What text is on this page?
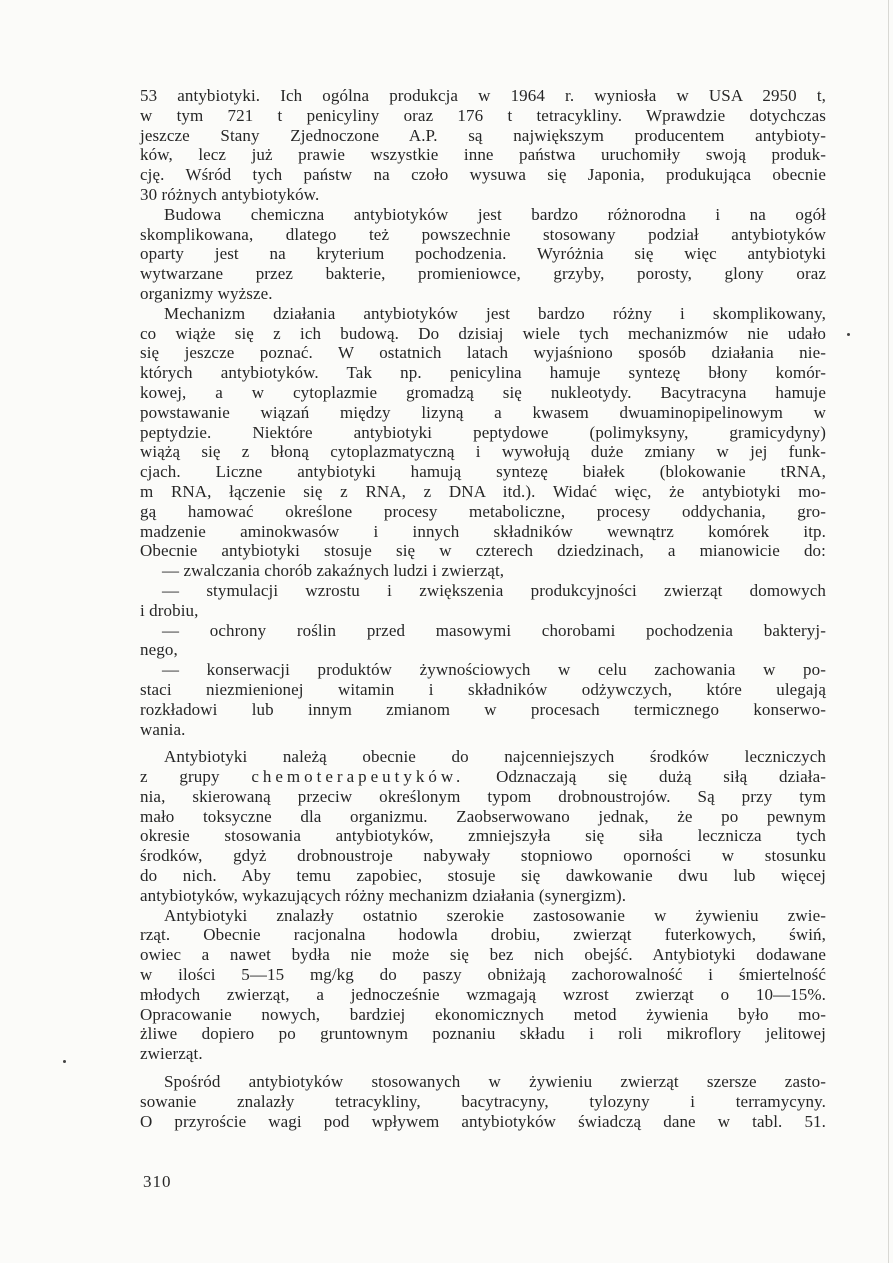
53 antybiotyki. Ich ogólna produkcja w 1964 r. wyniosła w USA 2950 t,
w tym 721 t penicyliny oraz 176 t tetracykliny. Wprawdzie dotychczas
jeszcze Stany Zjednoczone A.P. są największym producentem antybioty-
ków, lecz już prawie wszystkie inne państwa uruchomiły swoją produk-
cję. Wśród tych państw na czoło wysuwa się Japonia, produkująca obecnie
30 różnych antybiotyków.
Budowa chemiczna antybiotyków jest bardzo różnorodna i na ogół
skomplikowana, dlatego też powszechnie stosowany podział antybiotyków
oparty jest na kryterium pochodzenia. Wyróżnia się więc antybiotyki
wytwarzane przez bakterie, promieniowce, grzyby, porosty, glony oraz
organizmy wyższe.
Mechanizm działania antybiotyków jest bardzo różny i skomplikowany,
co wiąże się z ich budową. Do dzisiaj wiele tych mechanizmów nie udało
się jeszcze poznać. W ostatnich latach wyjaśniono sposób działania nie-
których antybiotyków. Tak np. penicylina hamuje syntezę błony komór-
kowej, a w cytoplazmie gromadzą się nukleotydy. Bacytracyna hamuje
powstawanie wiązań między lizyną a kwasem dwuaminopipelinowym w
peptydzie. Niektóre antybiotyki peptydowe (polimyksyny, gramicydyny)
wiążą się z błoną cytoplazmatyczną i wywołują duże zmiany w jej funk-
cjach. Liczne antybiotyki hamują syntezę białek (blokowanie tRNA,
m RNA, łączenie się z RNA, z DNA itd.). Widać więc, że antybiotyki mo-
gą hamować określone procesy metaboliczne, procesy oddychania, gro-
madzenie aminokwasów i innych składników wewnątrz komórek itp.
Obecnie antybiotyki stosuje się w czterech dziedzinach, a mianowicie do:
— zwalczania chorób zakaźnych ludzi i zwierząt,
— stymulacji wzrostu i zwiększenia produkcyjności zwierząt domowych
i drobiu,
— ochrony roślin przed masowymi chorobami pochodzenia bakteryj-
nego,
— konserwacji produktów żywnościowych w celu zachowania w po-
staci niezmienionej witamin i składników odżywczych, które ulegają
rozkładowi lub innym zmianom w procesach termicznego konserwo-
wania.
Antybiotyki należą obecnie do najcenniejszych środków leczniczych
z grupy chemoterapeutyków. Odznaczają się dużą siłą działa-
nia, skierowaną przeciw określonym typom drobnoustrojów. Są przy tym
mało toksyczne dla organizmu. Zaobserwowano jednak, że po pewnym
okresie stosowania antybiotyków, zmniejszyła się siła lecznicza tych
środków, gdyż drobnoustroje nabywały stopniowo oporności w stosunku
do nich. Aby temu zapobiec, stosuje się dawkowanie dwu lub więcej
antybiotyków, wykazujących różny mechanizm działania (synergizm).
Antybiotyki znalazły ostatnio szerokie zastosowanie w żywieniu zwie-
rząt. Obecnie racjonalna hodowla drobiu, zwierząt futerkowych, świń,
owiec a nawet bydła nie może się bez nich obejść. Antybiotyki dodawane
w ilości 5—15 mg/kg do paszy obniżają zachorowalność i śmiertelność
młodych zwierząt, a jednocześnie wzmagają wzrost zwierząt o 10—15%.
Opracowanie nowych, bardziej ekonomicznych metod żywienia było mo-
żliwe dopiero po gruntownym poznaniu składu i roli mikroflory jelitowej
zwierząt.
Spośród antybiotyków stosowanych w żywieniu zwierząt szersze zasto-
sowanie znalazły tetracykliny, bacytracyny, tylozyny i terramycyny.
O przyroście wagi pod wpływem antybiotyków świadczą dane w tabl. 51.
310
